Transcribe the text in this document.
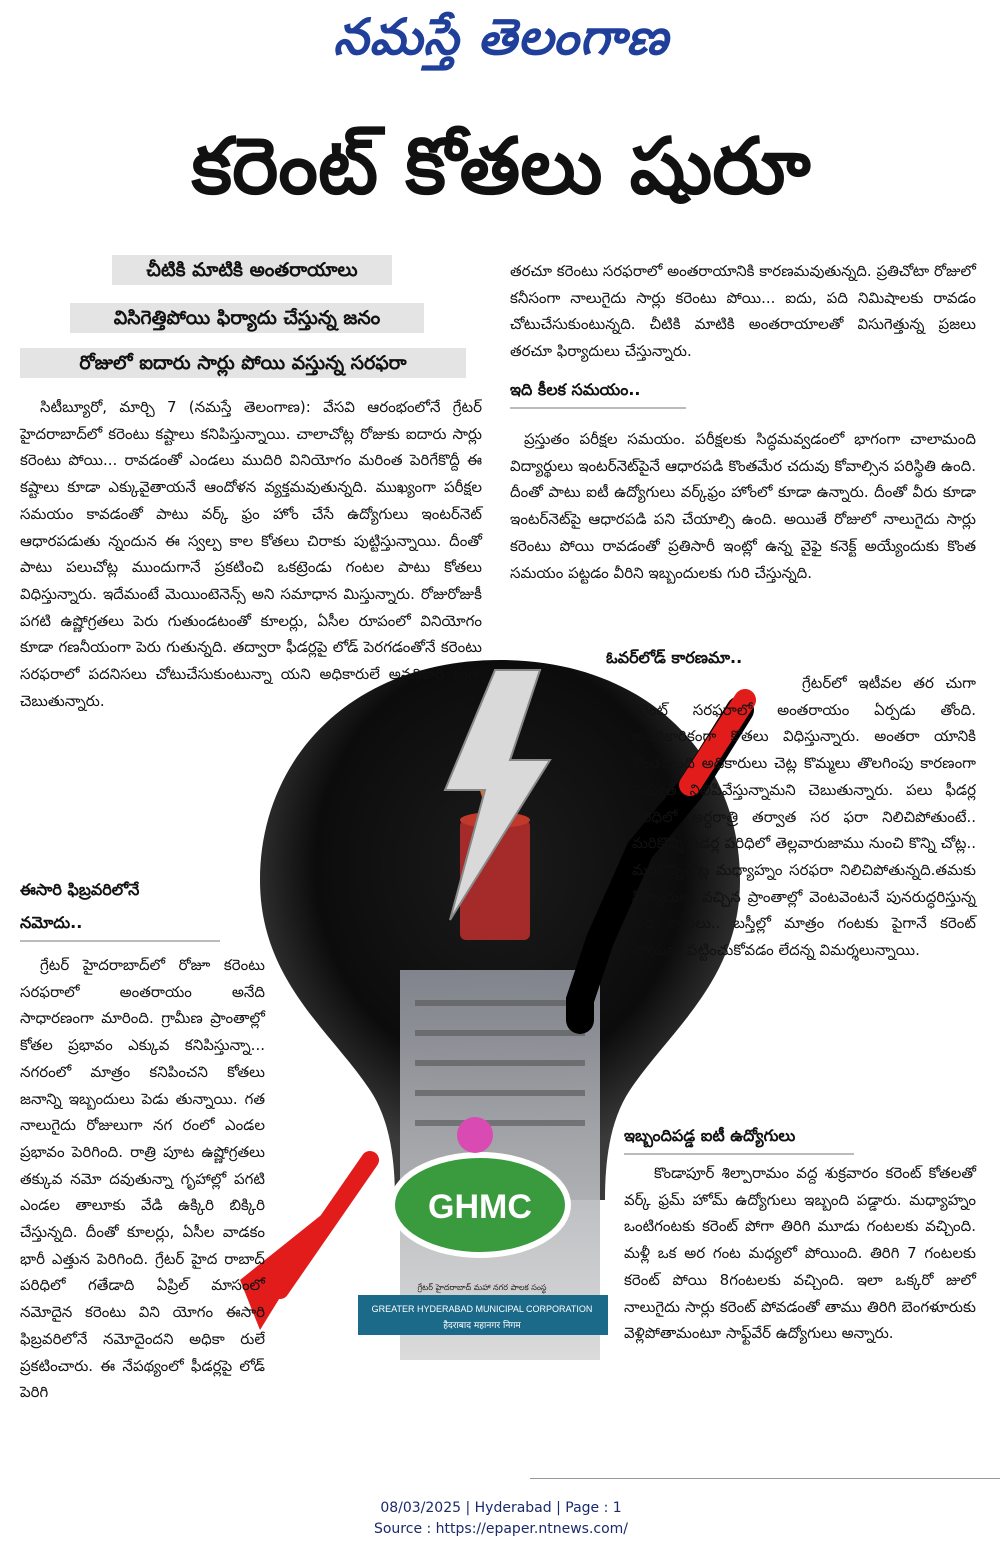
నమస్తే తెలంగాణ
కరెంట్ కోతలు షురూ
చీటికి మాటికి అంతరాయాలు
విసిగెత్తిపోయి ఫిర్యాదు చేస్తున్న జనం
రోజులో ఐదారు సార్లు పోయి వస్తున్న సరఫరా
GHMC
GREATER HYDERABAD MUNICIPAL CORPORATION
हैदराबाद महानगर निगम
గ్రేటర్ హైదరాబాద్ మహా నగర పాలక సంస్థ

సిటీబ్యూరో, మార్చి 7 (నమస్తే తెలంగాణ): వేసవి ఆరంభంలోనే గ్రేటర్ హైదరాబాద్‌లో కరెంటు కష్టాలు కనిపిస్తున్నాయి. చాలాచోట్ల రోజుకు ఐదారు సార్లు కరెంటు పోయి... రావడంతో ఎండలు ముదిరి వినియోగం మరింత పెరిగేకొద్దీ ఈ కష్టాలు కూడా ఎక్కువైతాయనే ఆందోళన వ్యక్తమవుతున్నది. ముఖ్యంగా పరీక్షల సమయం కావడంతో పాటు వర్క్ ఫ్రం హోం చేసే ఉద్యోగులు ఇంటర్‌నెట్ ఆధారపడుతు న్నందున ఈ స్వల్ప కాల కోతలు చిరాకు పుట్టిస్తున్నాయి. దీంతో పాటు పలుచోట్ల ముందుగానే ప్రకటించి ఒకట్రెండు గంటల పాటు కోతలు విధిస్తున్నారు. ఇదేమంటే మెయింటెనెన్స్ అని సమాధాన మిస్తున్నారు. రోజురోజుకీ పగటి ఉష్ణోగ్రతలు పెరు గుతుండటంతో కూలర్లు, ఏసీల రూపంలో వినియోగం కూడా గణనీయంగా పెరు గుతున్నది. తద్వారా ఫీడర్లపై లోడ్ పెరగడంతోనే కరెంటు సరఫరాలో పదనిసలు చోటుచేసుకుంటున్నా యని అధికారులే అనధికారి కంగా చెబుతున్నారు.

ఈసారి ఫిబ్రవరిలోనే
నమోదు..

గ్రేటర్ హైదరాబాద్‌లో రోజూ కరెంటు సరఫరాలో అంతరాయం అనేది సాధారణంగా మారింది. గ్రామీణ ప్రాంతాల్లో కోతల ప్రభావం ఎక్కువ కనిపిస్తున్నా... నగరంలో మాత్రం కనిపించని కోతలు జనాన్ని ఇబ్బందులు పెడు తున్నాయి. గత నాలుగైదు రోజులుగా నగ రంలో ఎండల ప్రభావం పెరిగింది. రాత్రి పూట ఉష్ణోగ్రతలు తక్కువ నమో దవుతున్నా గృహాల్లో పగటి ఎండల తాలూకు వేడి ఉక్కిరి బిక్కిరి చేస్తున్నది. దీంతో కూలర్లు, ఏసీల వాడకం భారీ ఎత్తున పెరిగింది. గ్రేటర్ హైద రాబాద్ పరిధిలో గతేడాది ఏప్రిల్ మాసంలో నమోదైన కరెంటు విని యోగం ఈసారి ఫిబ్రవరిలోనే నమోదైందని అధికా రులే ప్రకటించారు. ఈ నేపథ్యంలో ఫీడర్లపై లోడ్ పెరిగి

తరచూ కరెంటు సరఫరాలో అంతరాయానికి కారణమవుతున్నది. ప్రతిచోటా రోజులో కనీసంగా నాలుగైదు సార్లు కరెంటు పోయి... ఐదు, పది నిమిషాలకు రావడం చోటుచేసుకుంటున్నది. చీటికి మాటికి అంతరాయాలతో విసుగెత్తున్న ప్రజలు తరచూ ఫిర్యాదులు చేస్తున్నారు.

ఇది కీలక సమయం..

ప్రస్తుతం పరీక్షల సమయం. పరీక్షలకు సిద్ధమవ్వడంలో భాగంగా చాలామంది విద్యార్థులు ఇంటర్‌నెట్‌పైనే ఆధారపడి కొంతమేర చదువు కోవాల్సిన పరిస్థితి ఉంది. దీంతో పాటు ఐటీ ఉద్యోగులు వర్క్‌ఫ్రం హోంలో కూడా ఉన్నారు. దీంతో వీరు కూడా ఇంటర్‌నెట్‌పై ఆధారపడి పని చేయాల్సి ఉంది. అయితే రోజులో నాలుగైదు సార్లు కరెంటు పోయి రావడంతో ప్రతిసారీ ఇంట్లో ఉన్న వైఫై కనెక్ట్ అయ్యేందుకు కొంత సమయం పట్టడం వీరిని ఇబ్బందులకు గురి చేస్తున్నది.

ఓవర్‌లోడ్ కారణమా..

గ్రేటర్‌లో ఇటీవల తర చుగా కరెంట్ సరఫరాలో అంతరాయం ఏర్పడు తోంది. అనధికారికంగా కోతలు విధిస్తున్నారు. అంతరా యానికి కొంతమంది అధికారులు చెట్ల కొమ్మలు తొలగింపు కారణంగా విద్యుత్ నిలిపివేస్తున్నామని చెబుతున్నారు. పలు ఫీడర్ల పరిధిలో అర్ధరాత్రి తర్వాత సర ఫరా నిలిచిపోతుంటే.. మరికొన్ని ఫీడర్ల పరిధిలో తెల్లవారుజాము నుంచి కొన్ని చోట్ల.. మరికొన్నిచోట్ల మధ్యాహ్నం సరఫరా నిలిచిపోతున్నది.తమకు ఫిర్యాదులు వచ్చిన ప్రాంతాల్లో వెంటవెంటనే పునరుద్ధరిస్తున్న అధి కారులు.. బస్తీల్లో మాత్రం గంటకు పైగానే కరెంట్ పోయినా పట్టించుకోవడం లేదన్న విమర్శలున్నాయి.

ఇబ్బందిపడ్డ ఐటీ ఉద్యోగులు

కొండాపూర్ శిల్పారామం వద్ద శుక్రవారం కరెంట్ కోతలతో వర్క్ ఫ్రమ్ హోమ్ ఉద్యోగులు ఇబ్బంది పడ్డారు. మధ్యాహ్నం ఒంటిగంటకు కరెంట్ పోగా తిరిగి మూడు గంటలకు వచ్చింది. మళ్లీ ఒక అర గంట మధ్యలో పోయింది. తిరిగి 7 గంటలకు కరెంట్ పోయి 8గంటలకు వచ్చింది. ఇలా ఒక్కరో జులో నాలుగైదు సార్లు కరెంట్ పోవడంతో తాము తిరిగి బెంగళూరుకు వెళ్లిపోతామంటూ సాఫ్ట్‌వేర్ ఉద్యోగులు అన్నారు.

08/03/2025 | Hyderabad | Page : 1
Source : https://epaper.ntnews.com/
